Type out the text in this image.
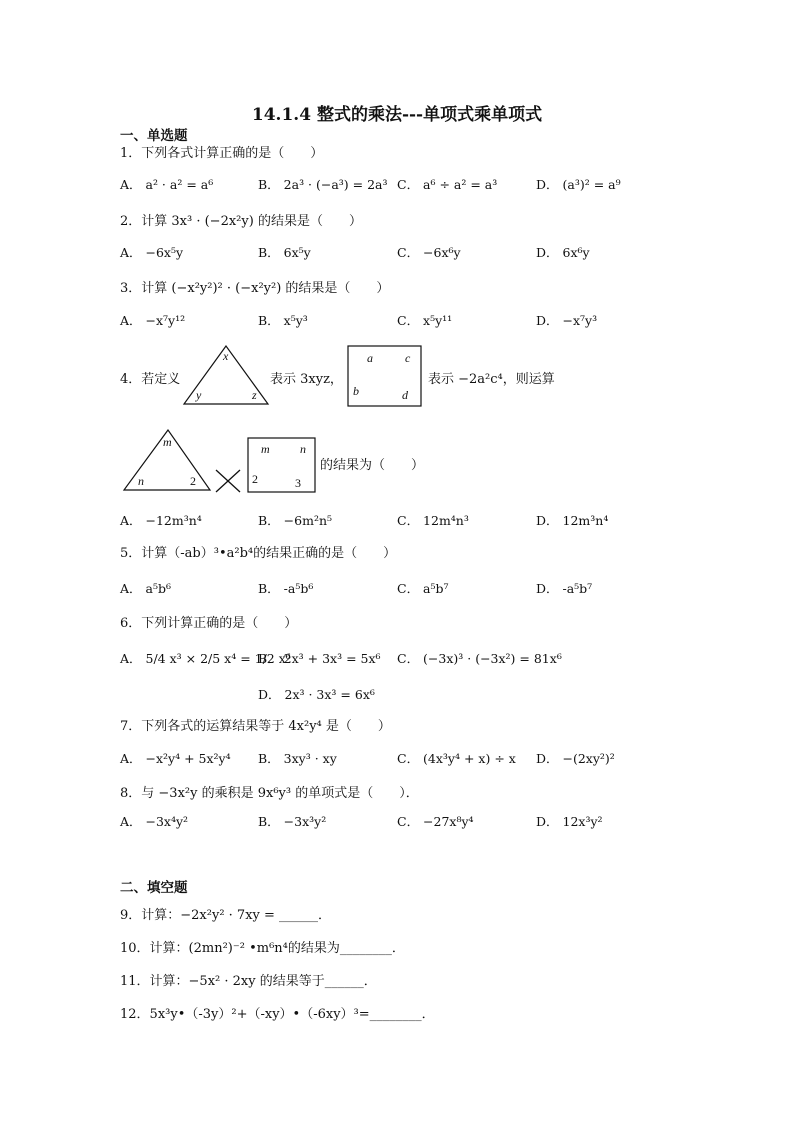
14.1.4 整式的乘法---单项式乘单项式
一、单选题
1．下列各式计算正确的是（　　）
A． a² · a² = a⁶	B． 2a³ · (−a³) = 2a³ C． a⁶ ÷ a² = a³	D． (a³)² = a⁹
2．计算 3x³ · (−2x²y) 的结果是（　　）
A． −6x⁵y	B． 6x⁵y	C． −6x⁶y	D． 6x⁶y
3．计算 (−x²y²)² · (−x²y²) 的结果是（　　）
A． −x⁷y¹²	B． x⁵y³	C． x⁵y¹¹	D． −x⁷y³
4．若定义
x
y	z
表示 3xyz，
a	c
b	d
表示 −2a²c⁴，则运算
m
n	2
m	n
2	3
的结果为（　　）
A． −12m³n⁴	B． −6m²n⁵	C． 12m⁴n³	D． 12m³n⁴
5．计算（-ab）³•a²b⁴的结果正确的是（　　）
A． a⁵b⁶	B． -a⁵b⁶	C． a⁵b⁷	D． -a⁵b⁷
6．下列计算正确的是（　　）
A． 5/4 x³ × 2/5 x⁴ = 1/2 x⁶
B． 2x³ + 3x³ = 5x⁶ C． (−3x)³ · (−3x²) = 81x⁶
D． 2x³ · 3x³ = 6x⁶
7．下列各式的运算结果等于 4x²y⁴ 是（　　）
A． −x²y⁴ + 5x²y⁴ B． 3xy³ · xy	C． (4x³y⁴ + x) ÷ x D． −(2xy²)²
8．与 −3x²y 的乘积是 9x⁶y³ 的单项式是（　　）．
A． −3x⁴y²	B． −3x³y²	C． −27x⁸y⁴	D． 12x³y²
二、填空题
9．计算：−2x²y² · 7xy = ______．
10．计算：(2mn²)⁻² •m⁶n⁴的结果为________．
11．计算：−5x² · 2xy 的结果等于______．
12．5x³y•（-3y）²+（-xy）•（-6xy）³=________．
